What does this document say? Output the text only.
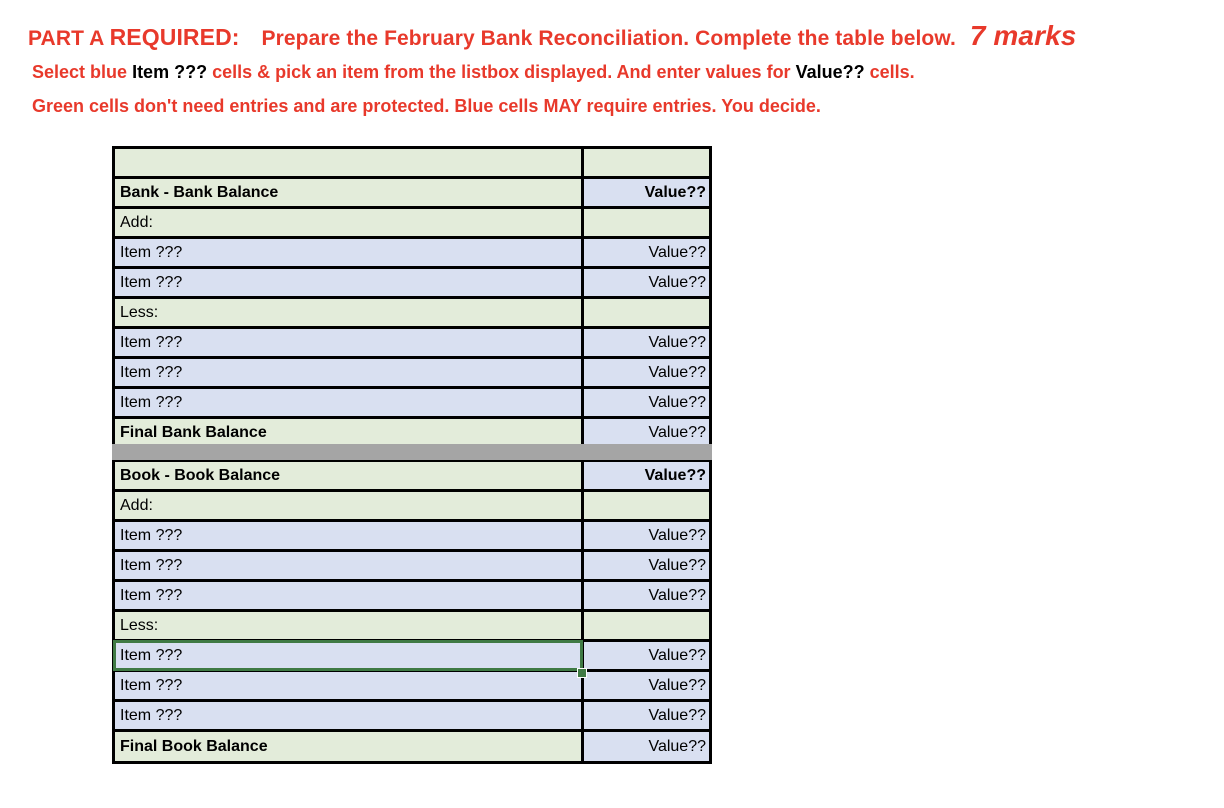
PART A REQUIRED: Prepare the February Bank Reconciliation. Complete the table below. 7 marks
Select blue Item ??? cells & pick an item from the listbox displayed. And enter values for Value?? cells.
Green cells don't need entries and are protected. Blue cells MAY require entries. You decide.
Bank - Bank Balance	Value??
Add:
Item ???	Value??
Item ???	Value??
Less:
Item ???	Value??
Item ???	Value??
Item ???	Value??
Final Bank Balance	Value??
Book - Book Balance	Value??
Add:
Item ???	Value??
Item ???	Value??
Item ???	Value??
Less:
Item ???	Value??
Item ???	Value??
Item ???	Value??
Final Book Balance	Value??
